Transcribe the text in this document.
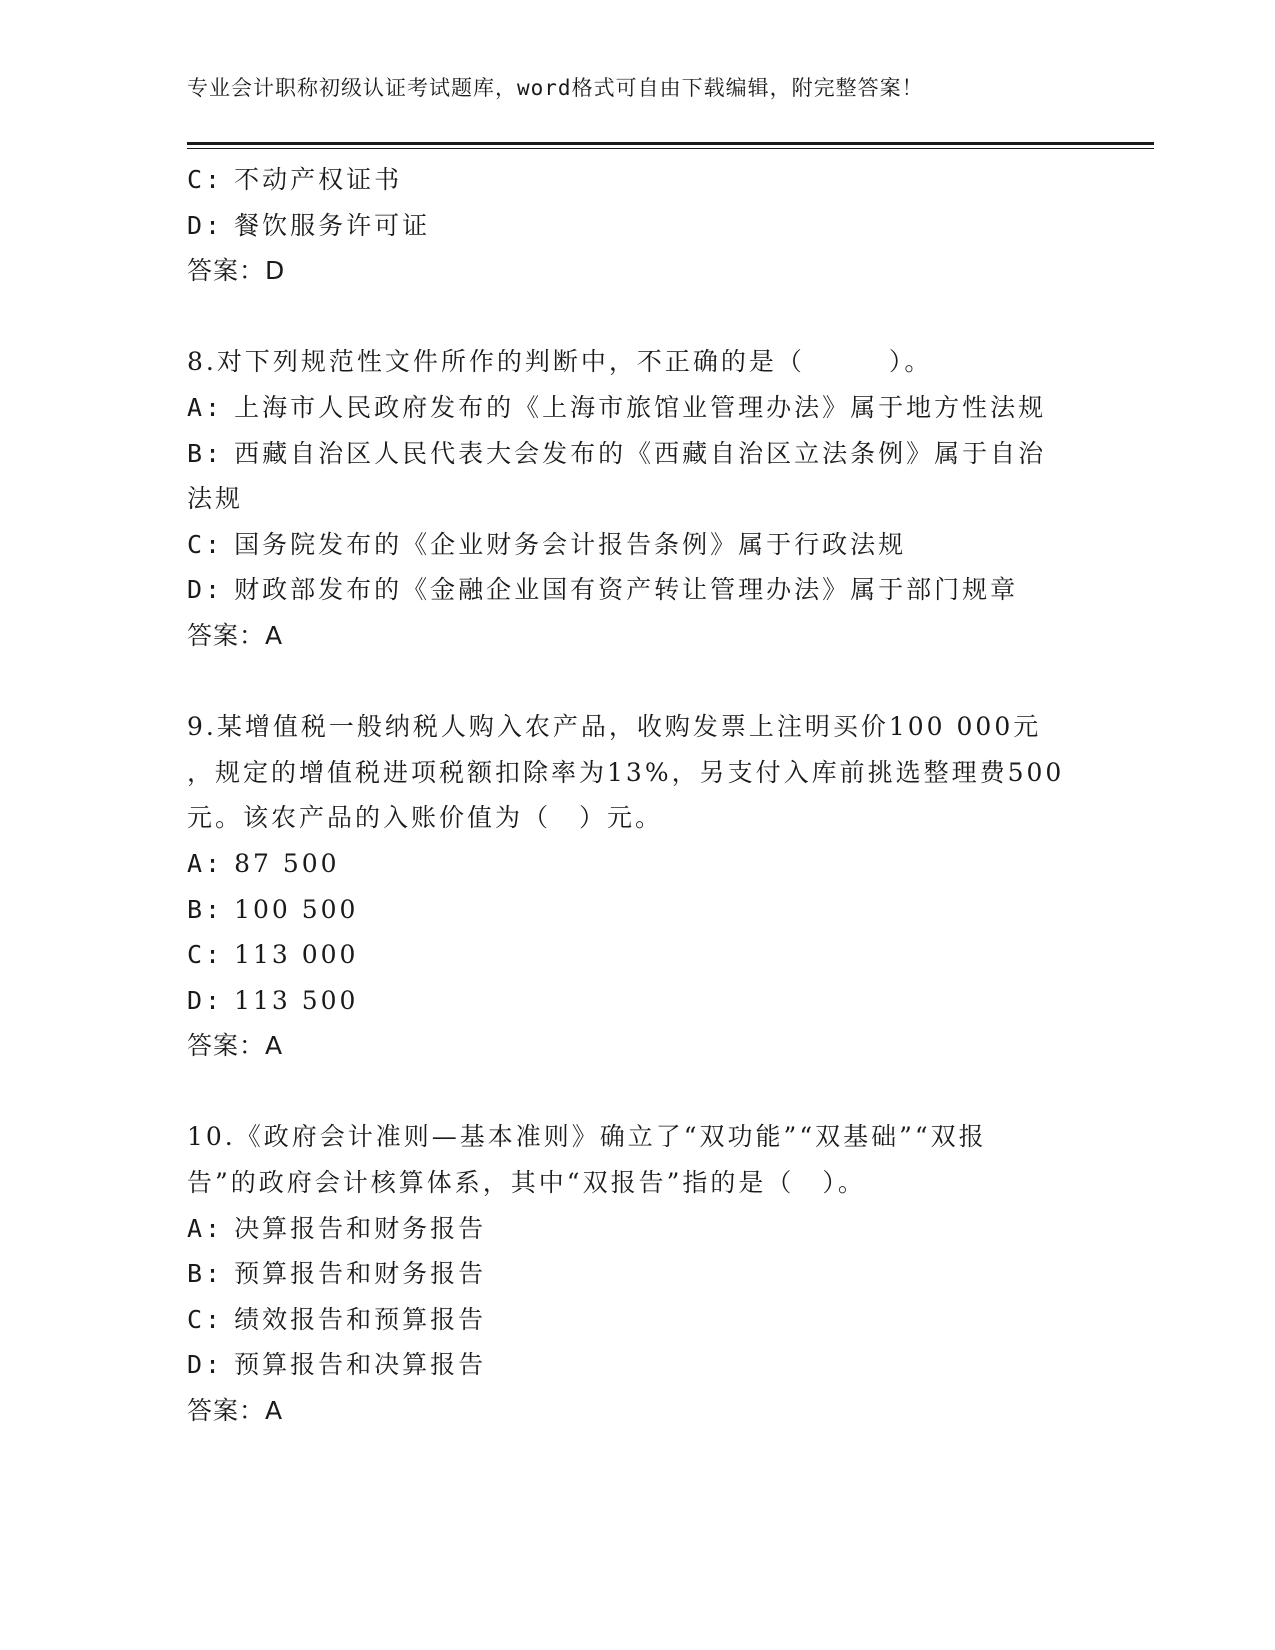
专业会计职称初级认证考试题库，word格式可自由下载编辑，附完整答案！
C: 不动产权证书
D: 餐饮服务许可证
答案：D
8.对下列规范性文件所作的判断中，不正确的是（　　　）。
A: 上海市人民政府发布的《上海市旅馆业管理办法》属于地方性法规
B: 西藏自治区人民代表大会发布的《西藏自治区立法条例》属于自治
法规
C: 国务院发布的《企业财务会计报告条例》属于行政法规
D: 财政部发布的《金融企业国有资产转让管理办法》属于部门规章
答案：A
9.某增值税一般纳税人购入农产品，收购发票上注明买价100 000元
，规定的增值税进项税额扣除率为13%，另支付入库前挑选整理费500
元。该农产品的入账价值为（　）元。
A: 87 500
B: 100 500
C: 113 000
D: 113 500
答案：A
10.《政府会计准则—基本准则》确立了“双功能”“双基础”“双报
告”的政府会计核算体系，其中“双报告”指的是（　）。
A: 决算报告和财务报告
B: 预算报告和财务报告
C: 绩效报告和预算报告
D: 预算报告和决算报告
答案：A
